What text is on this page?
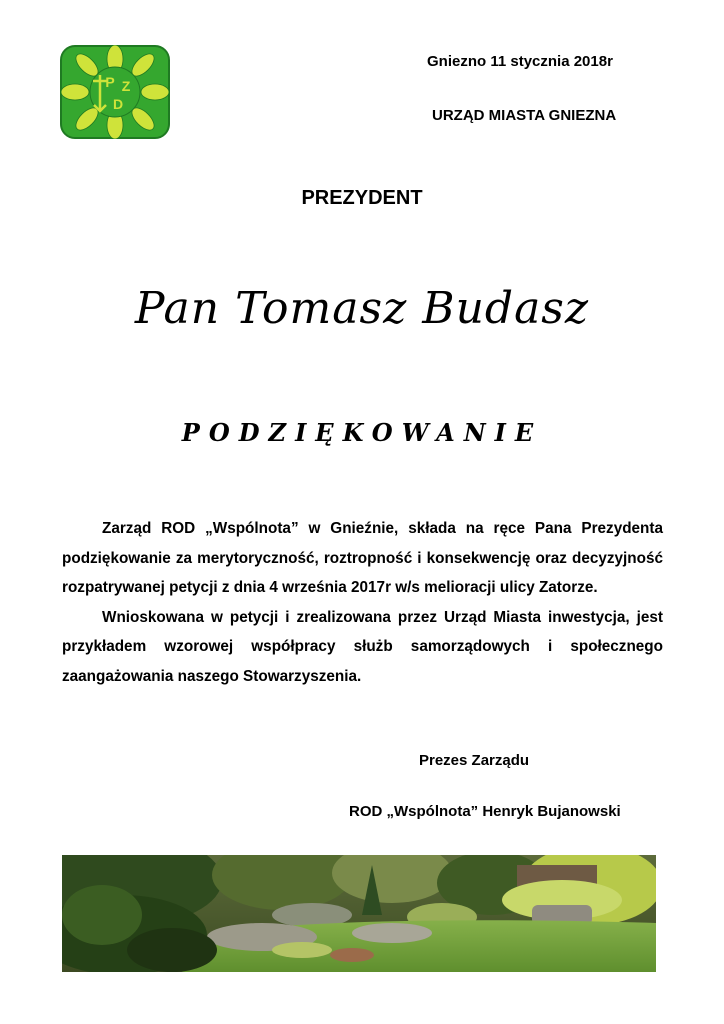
P Z
D
Gniezno 11 stycznia 2018r
URZĄD MIASTA GNIEZNA
PREZYDENT
Pan Tomasz Budasz
PODZIĘKOWANIE

Zarząd ROD „Wspólnota” w Gnieźnie, składa na ręce Pana Prezydenta podziękowanie za merytoryczność, roztropność i konsekwencję oraz decyzyjność rozpatrywanej petycji z dnia 4 września 2017r w/s melioracji ulicy Zatorze.

Wnioskowana w petycji i zrealizowana przez Urząd Miasta inwestycja, jest przykładem wzorowej współpracy służb samorządowych i społecznego zaangażowania naszego Stowarzyszenia.

Prezes Zarządu
ROD „Wspólnota” Henryk Bujanowski
